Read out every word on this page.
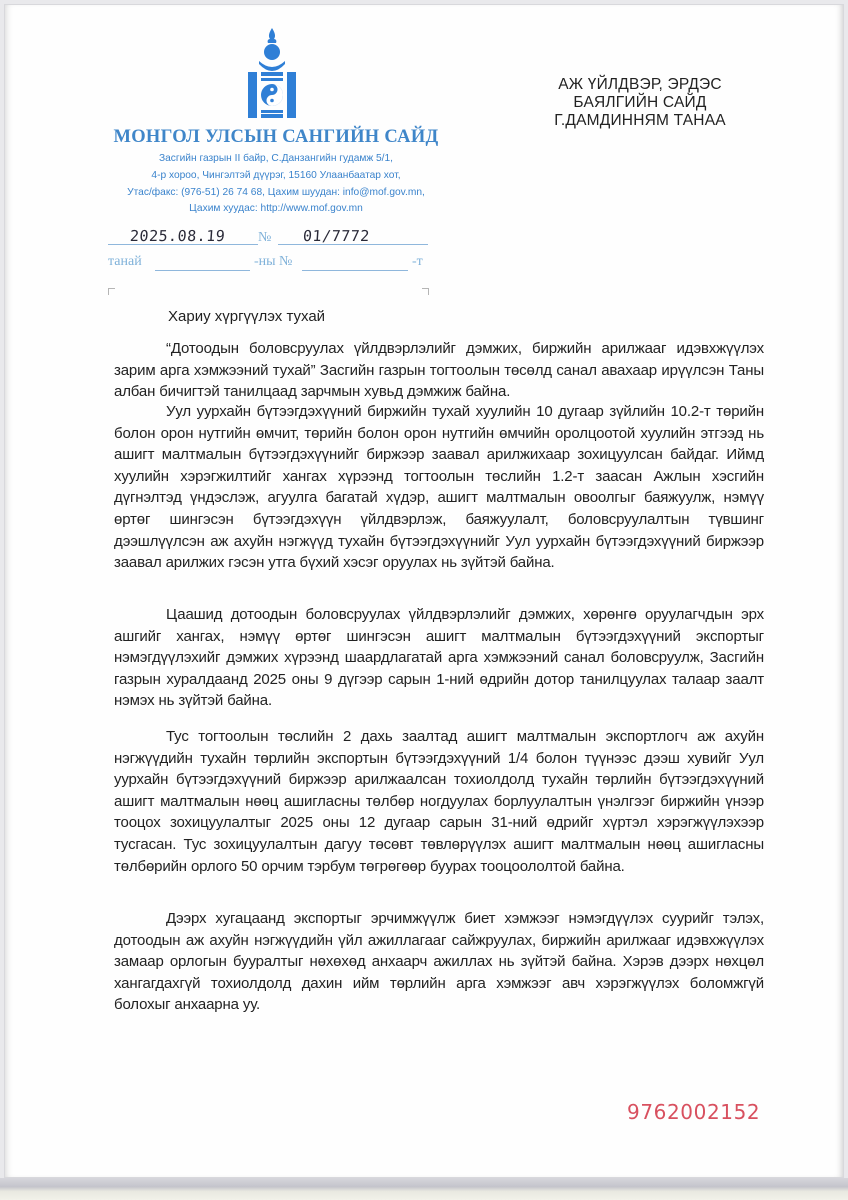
МОНГОЛ УЛСЫН САНГИЙН САЙД
Засгийн газрын II байр, С.Данзангийн гудамж 5/1,
4-р хороо, Чингэлтэй дүүрэг, 15160 Улаанбаатар хот,
Утас/факс: (976-51) 26 74 68, Цахим шуудан: info@mof.gov.mn,
Цахим хуудас: http://www.mof.gov.mn
АЖ ҮЙЛДВЭР, ЭРДЭС
БАЯЛГИЙН САЙД
Г.ДАМДИННЯМ ТАНАА
2025.08.19 № 01/7772
танай	-ны №	-т
Хариу хүргүүлэх тухай
“Дотоодын боловсруулах үйлдвэрлэлийг дэмжих, биржийн арилжааг идэвхжүүлэх зарим арга хэмжээний тухай” Засгийн газрын тогтоолын төсөлд санал авахаар ирүүлсэн Таны албан бичигтэй танилцаад зарчмын хувьд дэмжиж байна.
Уул уурхайн бүтээгдэхүүний биржийн тухай хуулийн 10 дугаар зүйлийн 10.2-т төрийн болон орон нутгийн өмчит, төрийн болон орон нутгийн өмчийн оролцоотой хуулийн этгээд нь ашигт малтмалын бүтээгдэхүүнийг биржээр заавал арилжихаар зохицуулсан байдаг. Иймд хуулийн хэрэгжилтийг хангах хүрээнд тогтоолын төслийн 1.2-т заасан Ажлын хэсгийн дүгнэлтэд үндэслэж, агуулга багатай хүдэр, ашигт малтмалын овоолгыг баяжуулж, нэмүү өртөг шингэсэн бүтээгдэхүүн үйлдвэрлэж, баяжуулалт, боловсруулалтын түвшинг дээшлүүлсэн аж ахуйн нэгжүүд тухайн бүтээгдэхүүнийг Уул уурхайн бүтээгдэхүүний биржээр заавал арилжих гэсэн утга бүхий хэсэг оруулах нь зүйтэй байна.
Цаашид дотоодын боловсруулах үйлдвэрлэлийг дэмжих, хөрөнгө оруулагчдын эрх ашгийг хангах, нэмүү өртөг шингэсэн ашигт малтмалын бүтээгдэхүүний экспортыг нэмэгдүүлэхийг дэмжих хүрээнд шаардлагатай арга хэмжээний санал боловсруулж, Засгийн газрын хуралдаанд 2025 оны 9 дүгээр сарын 1-ний өдрийн дотор танилцуулах талаар заалт нэмэх нь зүйтэй байна.
Тус тогтоолын төслийн 2 дахь заалтад ашигт малтмалын экспортлогч аж ахуйн нэгжүүдийн тухайн төрлийн экспортын бүтээгдэхүүний 1/4 болон түүнээс дээш хувийг Уул уурхайн бүтээгдэхүүний биржээр арилжаалсан тохиолдолд тухайн төрлийн бүтээгдэхүүний ашигт малтмалын нөөц ашигласны төлбөр ногдуулах борлуулалтын үнэлгээг биржийн үнээр тооцох зохицуулалтыг 2025 оны 12 дугаар сарын 31-ний өдрийг хүртэл хэрэгжүүлэхээр тусгасан. Тус зохицуулалтын дагуу төсөвт төвлөрүүлэх ашигт малтмалын нөөц ашигласны төлбөрийн орлого 50 орчим тэрбум төгрөгөөр буурах тооцоололтой байна.
Дээрх хугацаанд экспортыг эрчимжүүлж биет хэмжээг нэмэгдүүлэх суурийг тэлэх, дотоодын аж ахуйн нэгжүүдийн үйл ажиллагааг сайжруулах, биржийн арилжааг идэвхжүүлэх замаар орлогын бууралтыг нөхөхөд анхаарч ажиллах нь зүйтэй байна. Хэрэв дээрх нөхцөл хангагдахгүй тохиолдолд дахин ийм төрлийн арга хэмжээг авч хэрэгжүүлэх боломжгүй болохыг анхаарна уу.
9762002152
